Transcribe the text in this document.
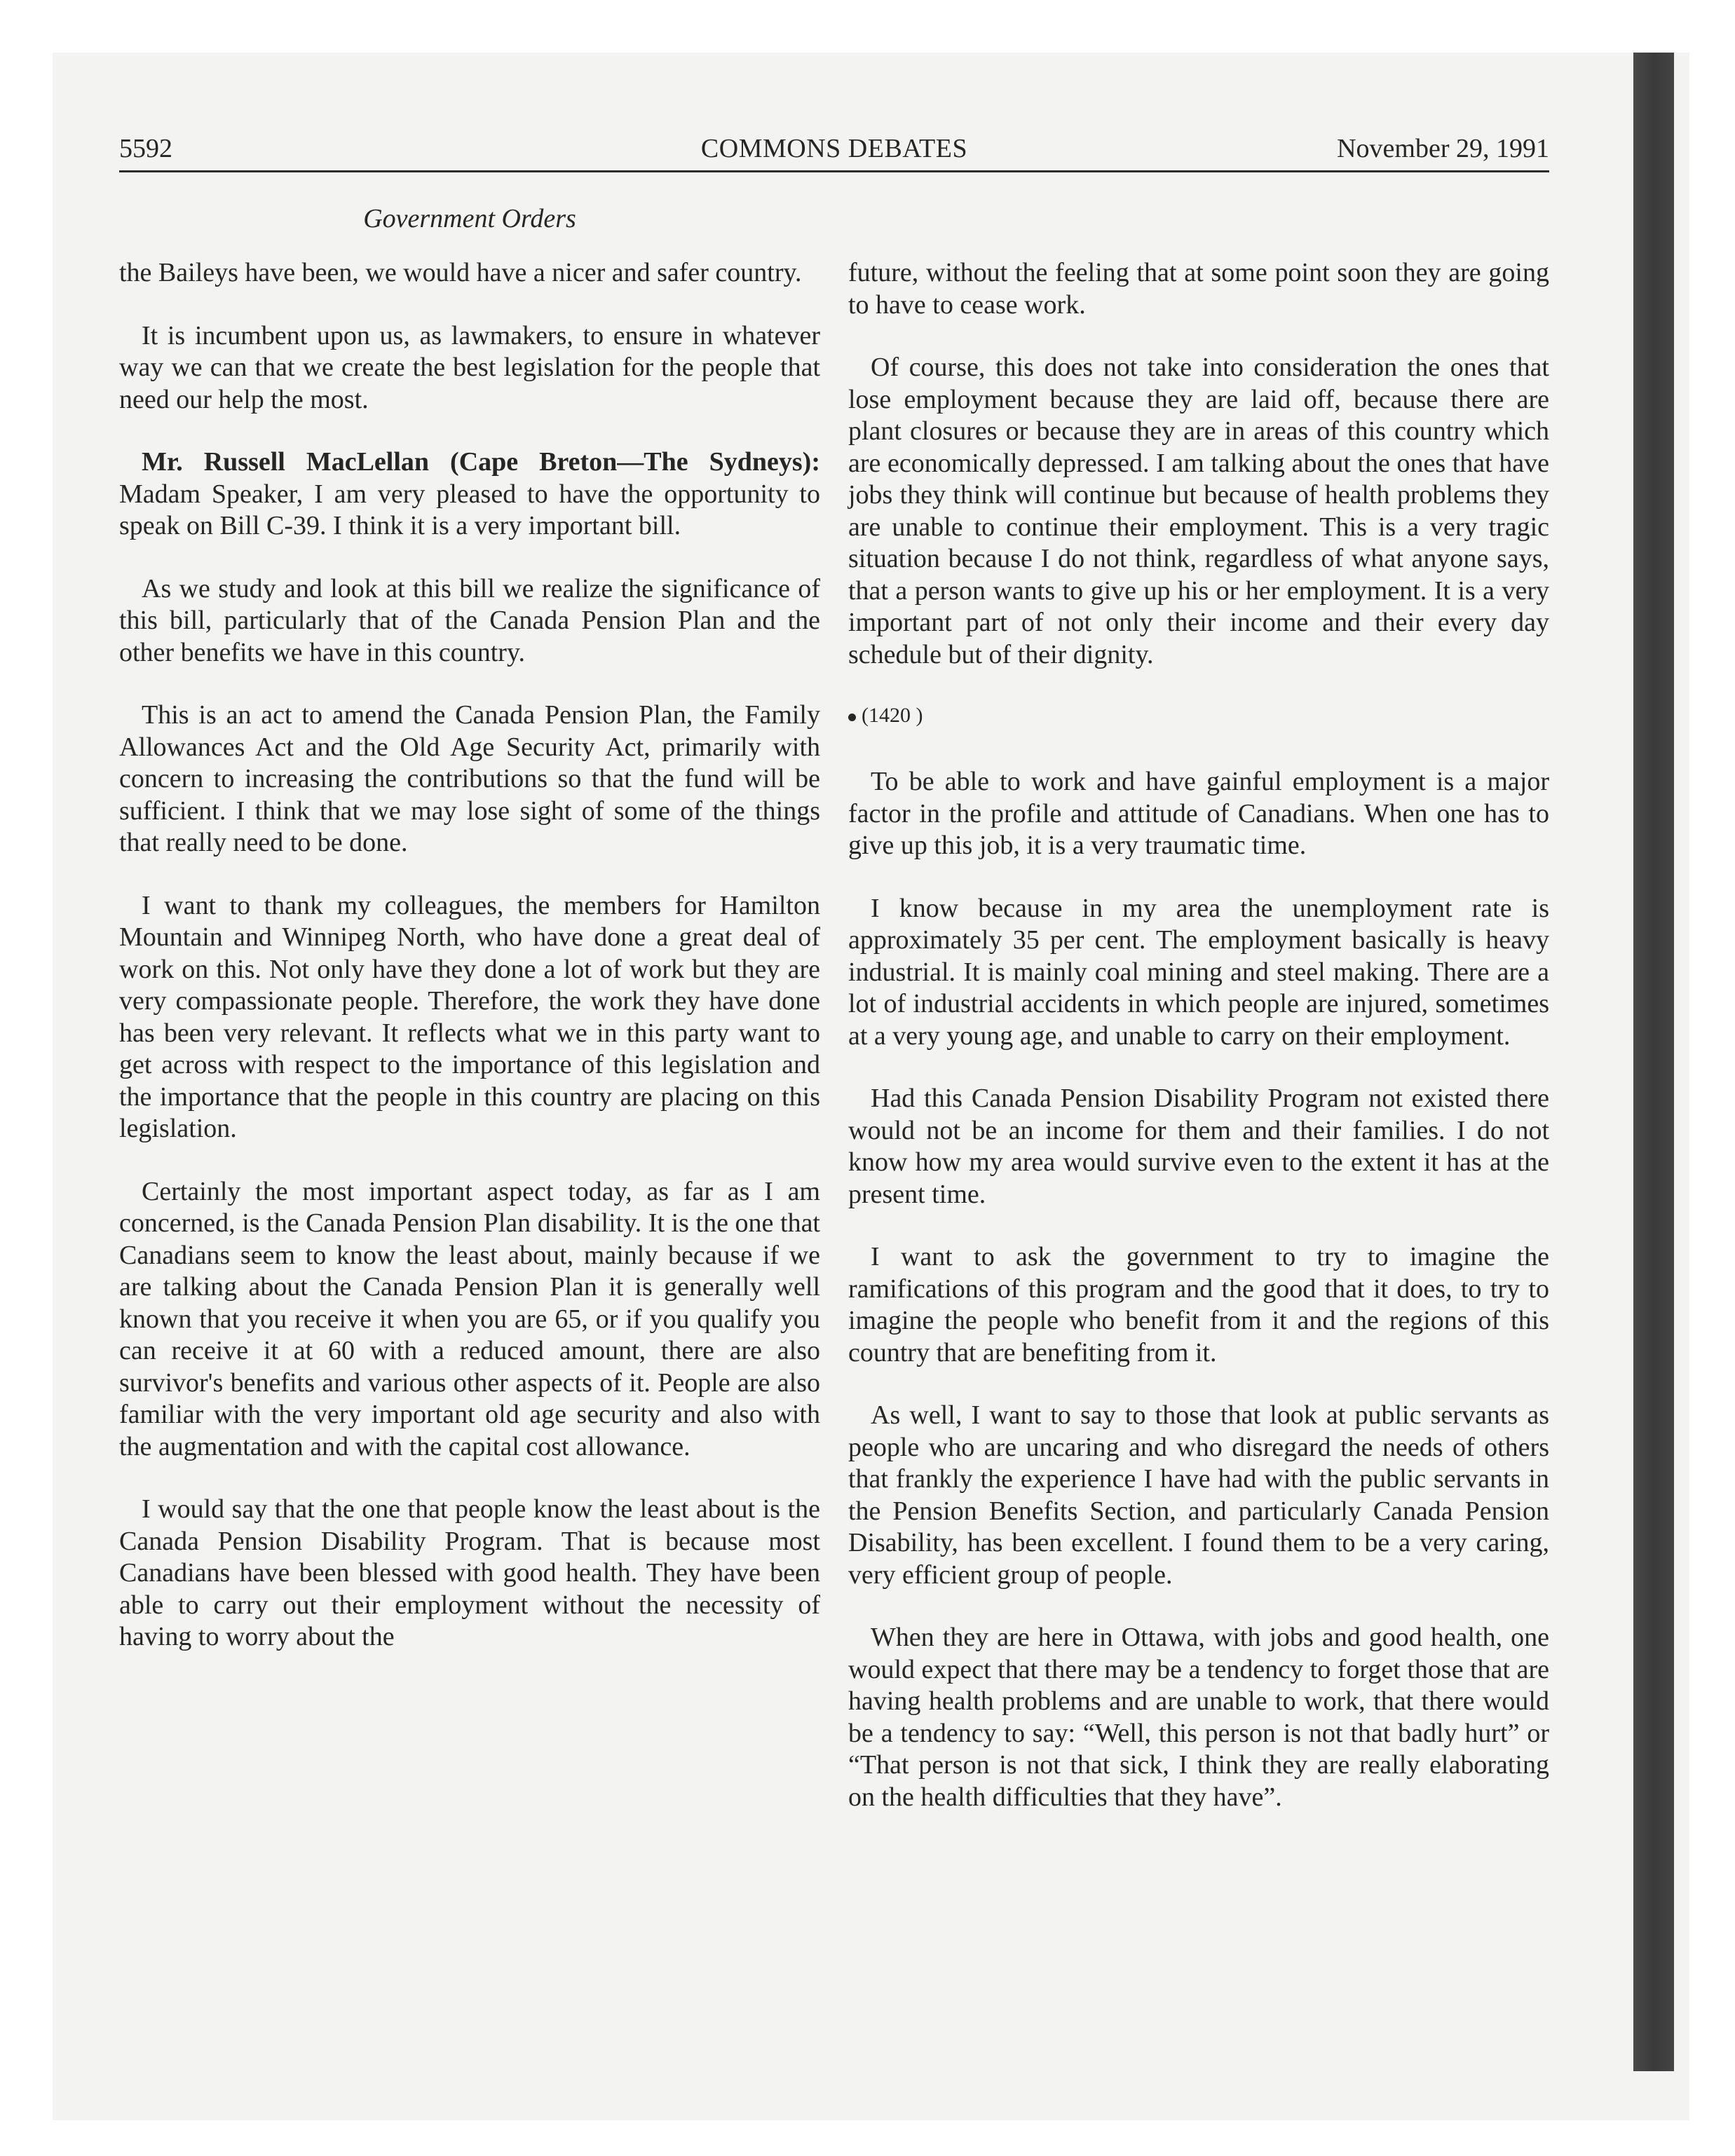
5592	COMMONS DEBATES	November 29, 1991
Government Orders

the Baileys have been, we would have a nicer and safer country.

It is incumbent upon us, as lawmakers, to ensure in whatever way we can that we create the best legislation for the people that need our help the most.

Mr. Russell MacLellan (Cape Breton—The Sydneys): Madam Speaker, I am very pleased to have the opportunity to speak on Bill C-39. I think it is a very important bill.

As we study and look at this bill we realize the significance of this bill, particularly that of the Canada Pension Plan and the other benefits we have in this country.

This is an act to amend the Canada Pension Plan, the Family Allowances Act and the Old Age Security Act, primarily with concern to increasing the contributions so that the fund will be sufficient. I think that we may lose sight of some of the things that really need to be done.

I want to thank my colleagues, the members for Hamilton Mountain and Winnipeg North, who have done a great deal of work on this. Not only have they done a lot of work but they are very compassionate people. Therefore, the work they have done has been very relevant. It reflects what we in this party want to get across with respect to the importance of this legislation and the importance that the people in this country are placing on this legislation.

Certainly the most important aspect today, as far as I am concerned, is the Canada Pension Plan disability. It is the one that Canadians seem to know the least about, mainly because if we are talking about the Canada Pension Plan it is generally well known that you receive it when you are 65, or if you qualify you can receive it at 60 with a reduced amount, there are also survivor's benefits and various other aspects of it. People are also familiar with the very important old age security and also with the augmentation and with the capital cost allowance.

I would say that the one that people know the least about is the Canada Pension Disability Program. That is because most Canadians have been blessed with good health. They have been able to carry out their employment without the necessity of having to worry about the

future, without the feeling that at some point soon they are going to have to cease work.

Of course, this does not take into consideration the ones that lose employment because they are laid off, because there are plant closures or because they are in areas of this country which are economically depressed. I am talking about the ones that have jobs they think will continue but because of health problems they are unable to continue their employment. This is a very tragic situation because I do not think, regardless of what anyone says, that a person wants to give up his or her employment. It is a very important part of not only their income and their every day schedule but of their dignity.

(1420 )

To be able to work and have gainful employment is a major factor in the profile and attitude of Canadians. When one has to give up this job, it is a very traumatic time.

I know because in my area the unemployment rate is approximately 35 per cent. The employment basically is heavy industrial. It is mainly coal mining and steel making. There are a lot of industrial accidents in which people are injured, sometimes at a very young age, and unable to carry on their employment.

Had this Canada Pension Disability Program not existed there would not be an income for them and their families. I do not know how my area would survive even to the extent it has at the present time.

I want to ask the government to try to imagine the ramifications of this program and the good that it does, to try to imagine the people who benefit from it and the regions of this country that are benefiting from it.

As well, I want to say to those that look at public servants as people who are uncaring and who disregard the needs of others that frankly the experience I have had with the public servants in the Pension Benefits Section, and particularly Canada Pension Disability, has been excellent. I found them to be a very caring, very efficient group of people.

When they are here in Ottawa, with jobs and good health, one would expect that there may be a tendency to forget those that are having health problems and are unable to work, that there would be a tendency to say: “Well, this person is not that badly hurt” or “That person is not that sick, I think they are really elaborating on the health difficulties that they have”.
